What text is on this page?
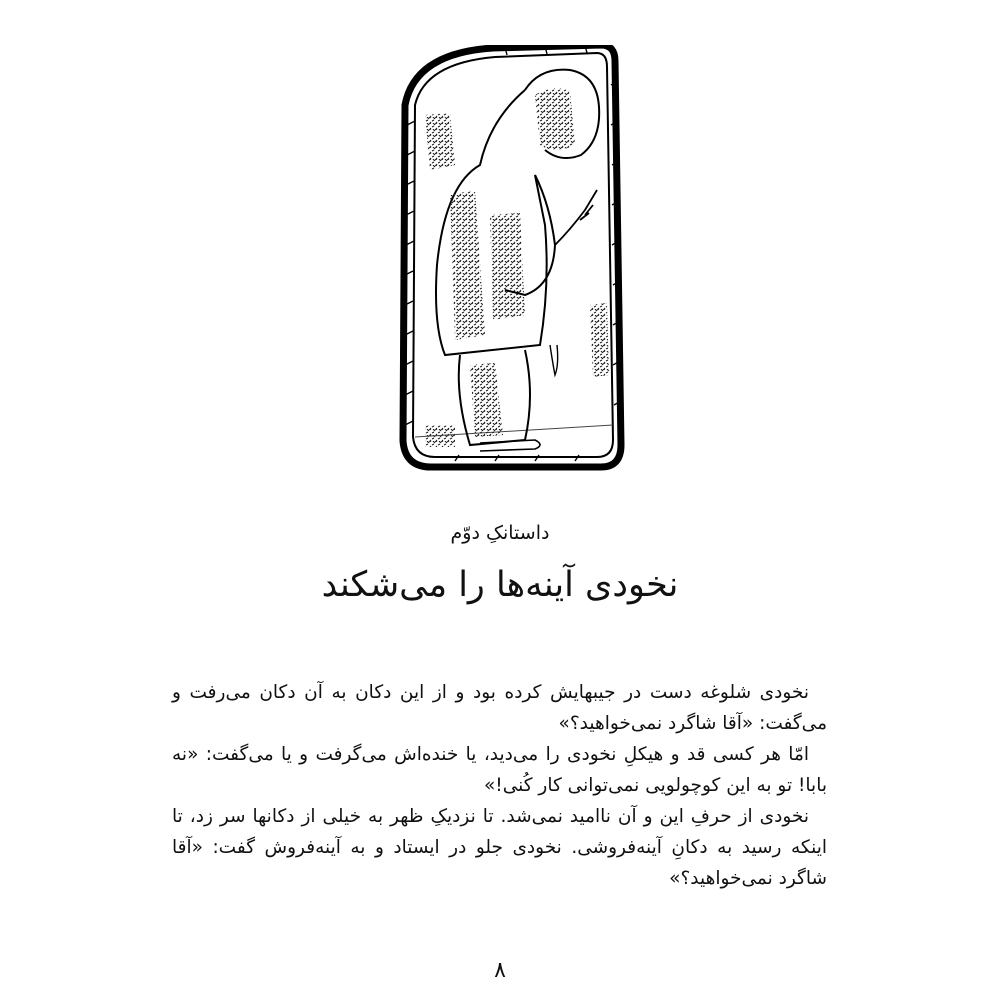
داستانکِ دوّم
نخودی آینه‌ها را می‌شکند

نخودی شلوغه دست در جیبهایش کرده بود و از این دکان به آن دکان می‌رفت و می‌گفت: «آقا شاگرد نمی‌خواهید؟»

امّا هر کسی قد و هیکلِ نخودی را می‌دید، یا خنده‌اش می‌گرفت و یا می‌گفت: «نه بابا! تو به این کوچولویی نمی‌توانی کار کُنی!»

نخودی از حرفِ این و آن ناامید نمی‌شد. تا نزدیکِ ظهر به خیلی از دکانها سر زد، تا اینکه رسید به دکانِ آینه‌فروشی. نخودی جلو در ایستاد و به آینه‌فروش گفت: «آقا شاگرد نمی‌خواهید؟»

۸
